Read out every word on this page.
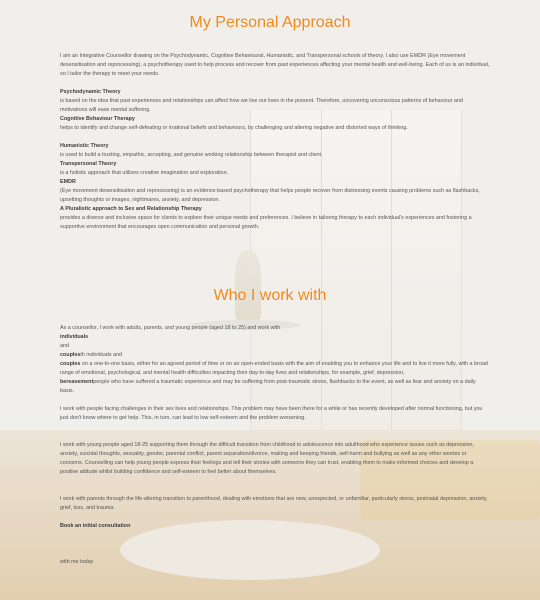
My Personal Approach

I am an Integrative Counsellor drawing on the Psychodynamic, Cognitive Behavioural, Humanistic, and Transpersonal schools of theory. I also use EMDR (Eye movement desensitisation and reprocessing), a psychotherapy used to help process and recover from past experiences affecting your mental health and well-being. Each of us is an individual, so I tailor the therapy to meet your needs.

Psychodynamic Theory

is based on the idea that past experiences and relationships can affect how we live our lives in the present. Therefore, uncovering unconscious patterns of behaviour and motivations will ease mental suffering.

Cognitive Behaviour Therapy

helps to identify and change self-defeating or irrational beliefs and behaviours, by challenging and altering negative and distorted ways of thinking.

Humanistic Theory

is used to build a trusting, empathic, accepting, and genuine working relationship between therapist and client.

Transpersonal Theory

is a holistic approach that utilizes creative imagination and exploration.

EMDR

(Eye movement desensitisation and reprocessing) is an evidence-based psychotherapy that helps people recover from distressing events causing problems such as flashbacks, upsetting thoughts or images, nightmares, anxiety, and depression.

A Pluralistic approach to Sex and Relationship Therapy

provides a diverse and inclusive space for clients to explore their unique needs and preferences. I believe in tailoring therapy to each individual's experiences and fostering a supportive environment that encourages open communication and personal growth.

Who I work with

As a counsellor, I work with adults, parents, and young people (aged 18 to 25) and work with

individuals

and

couplesth individuals and

couples on a one-to-one basis, either for an agreed period of time or on an open-ended basis with the aim of enabling you to enhance your life and to live it more fully, with a broad range of emotional, psychological, and mental health difficulties impacting their day-to-day lives and relationships, for example, grief, depression,

bereavementpeople who have suffered a traumatic experience and may be suffering from post-traumatic stress, flashbacks to the event, as well as fear and anxiety on a daily basis.

I work with people facing challenges in their sex lives and relationships. This problem may have been there for a while or has recently developed after normal functioning, but you just don't know where to get help. This, in turn, can lead to low self-esteem and the problem worsening.

I work with young people aged 18-25 supporting them through the difficult transition from childhood to adolescence into adulthood who experience issues such as depression, anxiety, suicidal thoughts, sexuality, gender, parental conflict, parent separation/divorce, making and keeping friends, self-harm and bullying as well as any other worries or concerns. Counselling can help young people express their feelings and tell their stories with someone they can trust, enabling them to make informed choices and develop a positive attitude whilst building confidence and self-esteem to feel better about themselves.

I work with parents through the life-altering transition to parenthood, dealing with emotions that are new, unexpected, or unfamiliar, particularly stress, postnatal depression, anxiety, grief, loss, and trauma.

Book an initial consultation

with me today
